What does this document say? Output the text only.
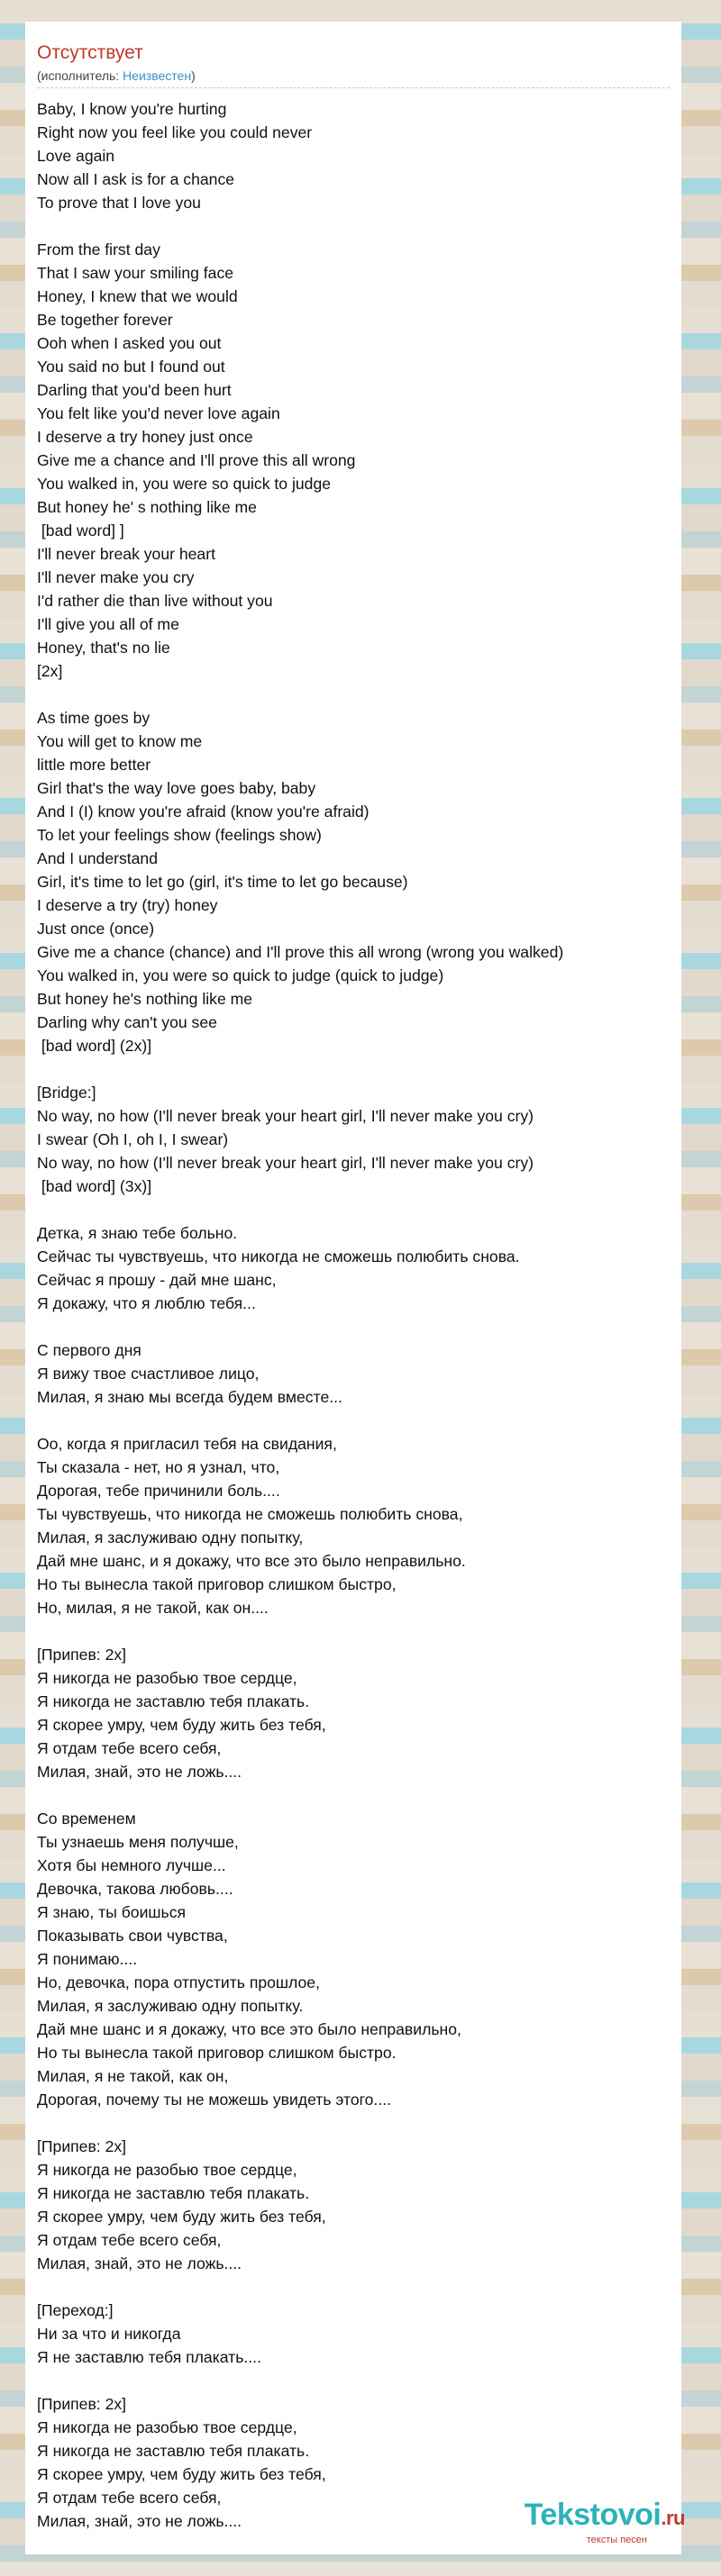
Отсутствует
(исполнитель: Неизвестен)
Baby, I know you're hurting
Right now you feel like you could never
Love again
Now all I ask is for a chance
To prove that I love you

From the first day
That I saw your smiling face
Honey, I knew that we would
Be together forever
Ooh when I asked you out
You said no but I found out
Darling that you'd been hurt
You felt like you'd never love again
I deserve a try honey just once
Give me a chance and I'll prove this all wrong
You walked in, you were so quick to judge
But honey he' s nothing like me
[bad word] ]
I'll never break your heart
I'll never make you cry
I'd rather die than live without you
I'll give you all of me
Honey, that's no lie
[2x]

As time goes by
You will get to know me
little more better
Girl that's the way love goes baby, baby
And I (I) know you're afraid (know you're afraid)
To let your feelings show (feelings show)
And I understand
Girl, it's time to let go (girl, it's time to let go because)
I deserve a try (try) honey
Just once (once)
Give me a chance (chance) and I'll prove this all wrong (wrong you walked)
You walked in, you were so quick to judge (quick to judge)
But honey he's nothing like me
Darling why can't you see
[bad word] (2x)]

[Bridge:]
No way, no how (I'll never break your heart girl, I'll never make you cry)
I swear (Oh I, oh I, I swear)
No way, no how (I'll never break your heart girl, I'll never make you cry)
[bad word] (3x)]

Детка, я знаю тебе больно.
Сейчас ты чувствуешь, что никогда не сможешь полюбить снова.
Сейчас я прошу - дай мне шанс,
Я докажу, что я люблю тебя...

С первого дня
Я вижу твое счастливое лицо,
Милая, я знаю мы всегда будем вместе...

Оо, когда я пригласил тебя на свидания,
Ты сказала - нет, но я узнал, что,
Дорогая, тебе причинили боль....
Ты чувствуешь, что никогда не сможешь полюбить снова,
Милая, я заслуживаю одну попытку,
Дай мне шанс, и я докажу, что все это было неправильно.
Но ты вынесла такой приговор слишком быстро,
Но, милая, я не такой, как он....

[Припев: 2x]
Я никогда не разобью твое сердце,
Я никогда не заставлю тебя плакать.
Я скорее умру, чем буду жить без тебя,
Я отдам тебе всего себя,
Милая, знай, это не ложь....

Со временем
Ты узнаешь меня получше,
Хотя бы немного лучше...
Девочка, такова любовь....
Я знаю, ты боишься
Показывать свои чувства,
Я понимаю....
Но, девочка, пора отпустить прошлое,
Милая, я заслуживаю одну попытку.
Дай мне шанс и я докажу, что все это было неправильно,
Но ты вынесла такой приговор слишком быстро.
Милая, я не такой, как он,
Дорогая, почему ты не можешь увидеть этого....

[Припев: 2x]
Я никогда не разобью твое сердце,
Я никогда не заставлю тебя плакать.
Я скорее умру, чем буду жить без тебя,
Я отдам тебе всего себя,
Милая, знай, это не ложь....

[Переход:]
Ни за что и никогда
Я не заставлю тебя плакать....

[Припев: 2x]
Я никогда не разобью твое сердце,
Я никогда не заставлю тебя плакать.
Я скорее умру, чем буду жить без тебя,
Я отдам тебе всего себя,
Милая, знай, это не ложь....	Tekstovoi.ru
тексты песен
